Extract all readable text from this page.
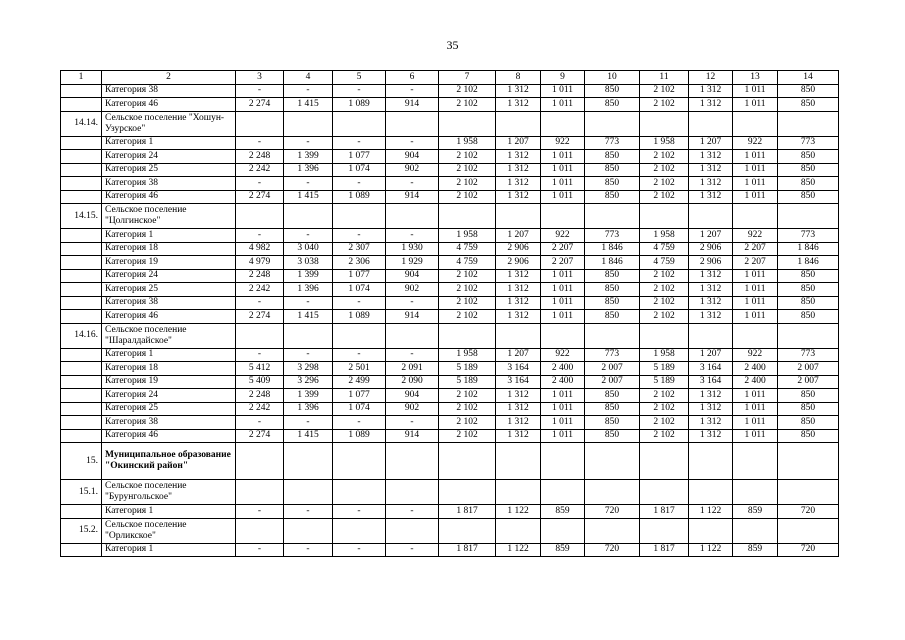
35
1	2	3	4	5	6	7	8	9	10	11	12	13	14
	Категория 38	-	-	-	-	2 102	1 312	1 011	850	2 102	1 312	1 011	850
	Категория 46	2 274	1 415	1 089	914	2 102	1 312	1 011	850	2 102	1 312	1 011	850
14.14.	Сельское поселение "Хошун-Узурское"												
	Категория 1	-	-	-	-	1 958	1 207	922	773	1 958	1 207	922	773
	Категория 24	2 248	1 399	1 077	904	2 102	1 312	1 011	850	2 102	1 312	1 011	850
	Категория 25	2 242	1 396	1 074	902	2 102	1 312	1 011	850	2 102	1 312	1 011	850
	Категория 38	-	-	-	-	2 102	1 312	1 011	850	2 102	1 312	1 011	850
	Категория 46	2 274	1 415	1 089	914	2 102	1 312	1 011	850	2 102	1 312	1 011	850
14.15.	Сельское поселение "Цолгинское"												
	Категория 1	-	-	-	-	1 958	1 207	922	773	1 958	1 207	922	773
	Категория 18	4 982	3 040	2 307	1 930	4 759	2 906	2 207	1 846	4 759	2 906	2 207	1 846
	Категория 19	4 979	3 038	2 306	1 929	4 759	2 906	2 207	1 846	4 759	2 906	2 207	1 846
	Категория 24	2 248	1 399	1 077	904	2 102	1 312	1 011	850	2 102	1 312	1 011	850
	Категория 25	2 242	1 396	1 074	902	2 102	1 312	1 011	850	2 102	1 312	1 011	850
	Категория 38	-	-	-	-	2 102	1 312	1 011	850	2 102	1 312	1 011	850
	Категория 46	2 274	1 415	1 089	914	2 102	1 312	1 011	850	2 102	1 312	1 011	850
14.16.	Сельское поселение "Шаралдайское"												
	Категория 1	-	-	-	-	1 958	1 207	922	773	1 958	1 207	922	773
	Категория 18	5 412	3 298	2 501	2 091	5 189	3 164	2 400	2 007	5 189	3 164	2 400	2 007
	Категория 19	5 409	3 296	2 499	2 090	5 189	3 164	2 400	2 007	5 189	3 164	2 400	2 007
	Категория 24	2 248	1 399	1 077	904	2 102	1 312	1 011	850	2 102	1 312	1 011	850
	Категория 25	2 242	1 396	1 074	902	2 102	1 312	1 011	850	2 102	1 312	1 011	850
	Категория 38	-	-	-	-	2 102	1 312	1 011	850	2 102	1 312	1 011	850
	Категория 46	2 274	1 415	1 089	914	2 102	1 312	1 011	850	2 102	1 312	1 011	850
15.	Муниципальное образование "Окинский район"												
15.1.	Сельское поселение "Бурунгольское"												
	Категория 1	-	-	-	-	1 817	1 122	859	720	1 817	1 122	859	720
15.2.	Сельское поселение "Орликское"												
	Категория 1	-	-	-	-	1 817	1 122	859	720	1 817	1 122	859	720
